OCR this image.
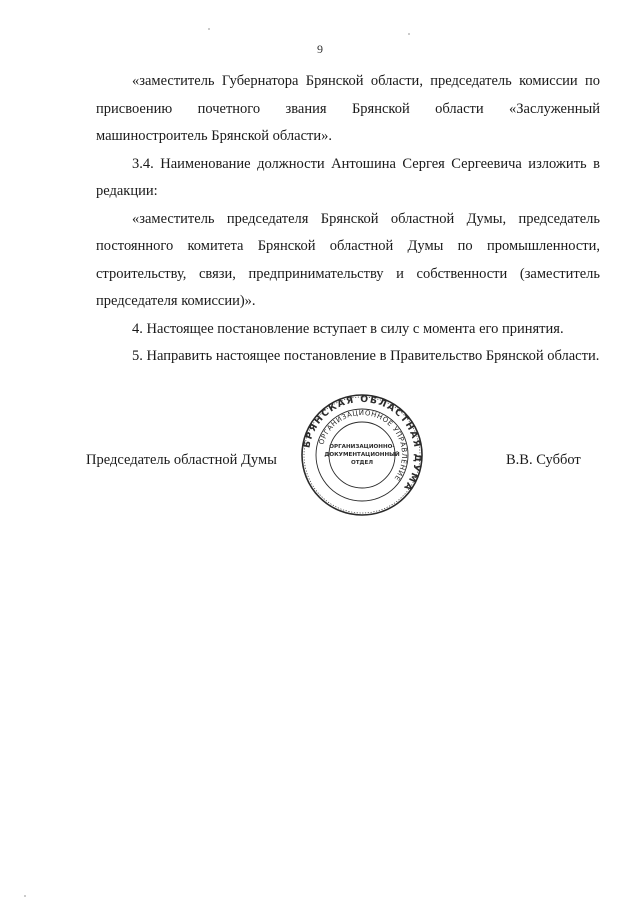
9

«заместитель Губернатора Брянской области, председатель комиссии по присвоению почетного звания Брянской области «Заслуженный машиностроитель Брянской области».

3.4. Наименование должности Антошина Сергея Сергеевича изложить в редакции:

«заместитель председателя Брянской областной Думы, председатель постоянного комитета Брянской областной Думы по промышленности, строительству, связи, предпринимательству и собственности (заместитель председателя комиссии)».

4. Настоящее постановление вступает в силу с момента его принятия.

5. Направить настоящее постановление в Правительство Брянской области.

Председатель областной Думы	В.В. Суббот
БРЯНСКАЯ ОБЛАСТНАЯ ДУМА
ОРГАНИЗАЦИОННОЕ УПРАВЛЕНИЕ
ОРГАНИЗАЦИОННО-ДОКУМЕНТАЦИОННЫЙ ОТДЕЛ
